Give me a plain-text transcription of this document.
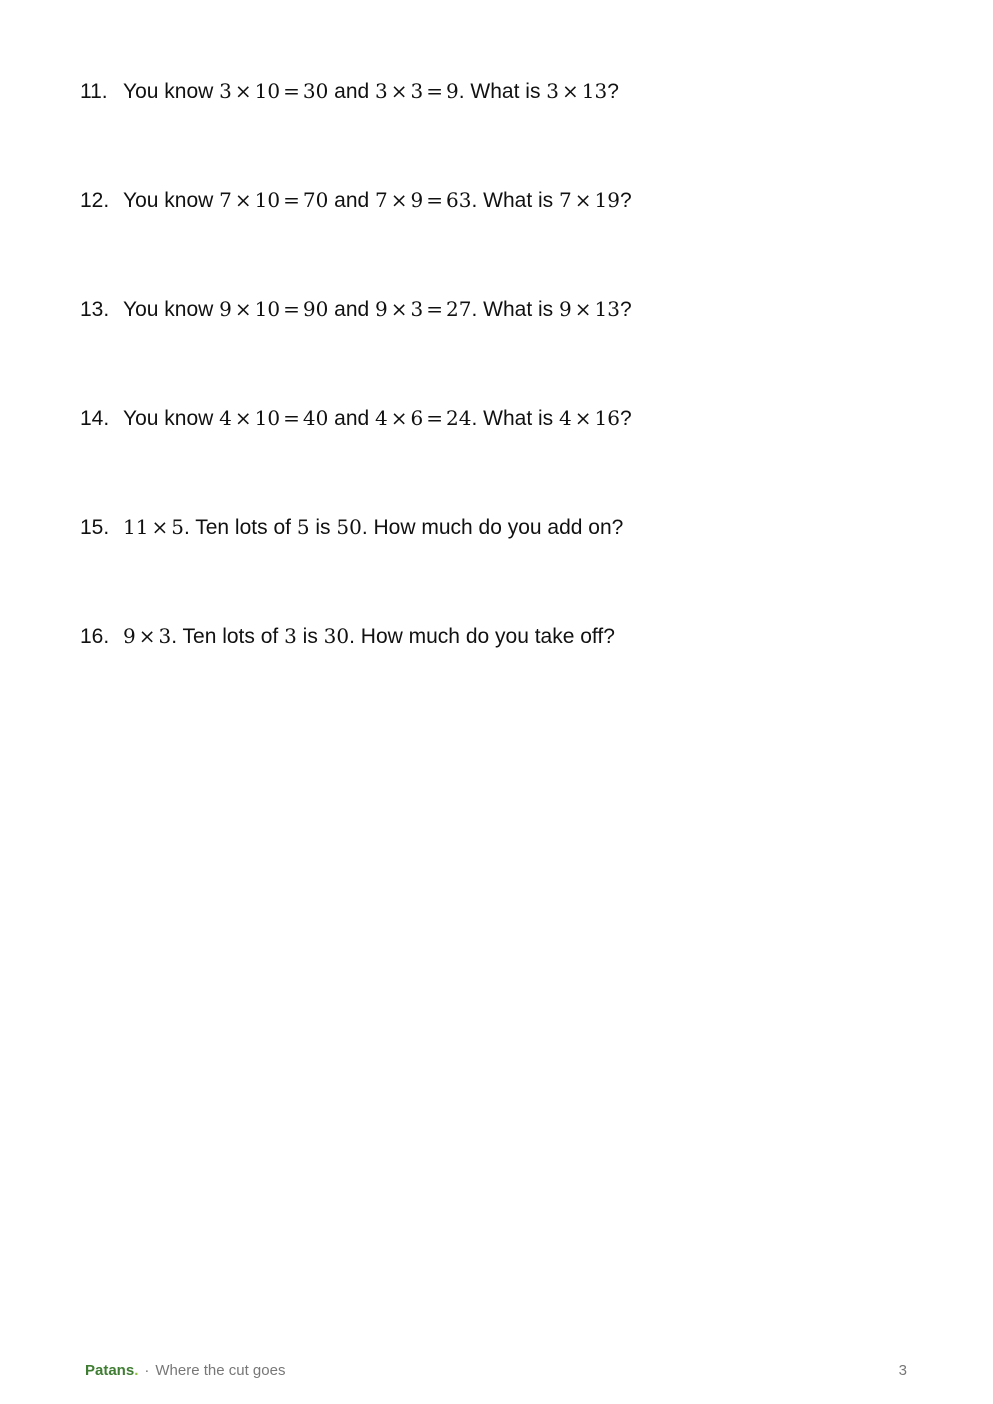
11. You know 3 × 10 = 30 and 3 × 3 = 9. What is 3 × 13?
12. You know 7 × 10 = 70 and 7 × 9 = 63. What is 7 × 19?
13. You know 9 × 10 = 90 and 9 × 3 = 27. What is 9 × 13?
14. You know 4 × 10 = 40 and 4 × 6 = 24. What is 4 × 16?
15. 11 × 5. Ten lots of 5 is 50. How much do you add on?
16. 9 × 3. Ten lots of 3 is 30. How much do you take off?
Patans. · Where the cut goes	3
